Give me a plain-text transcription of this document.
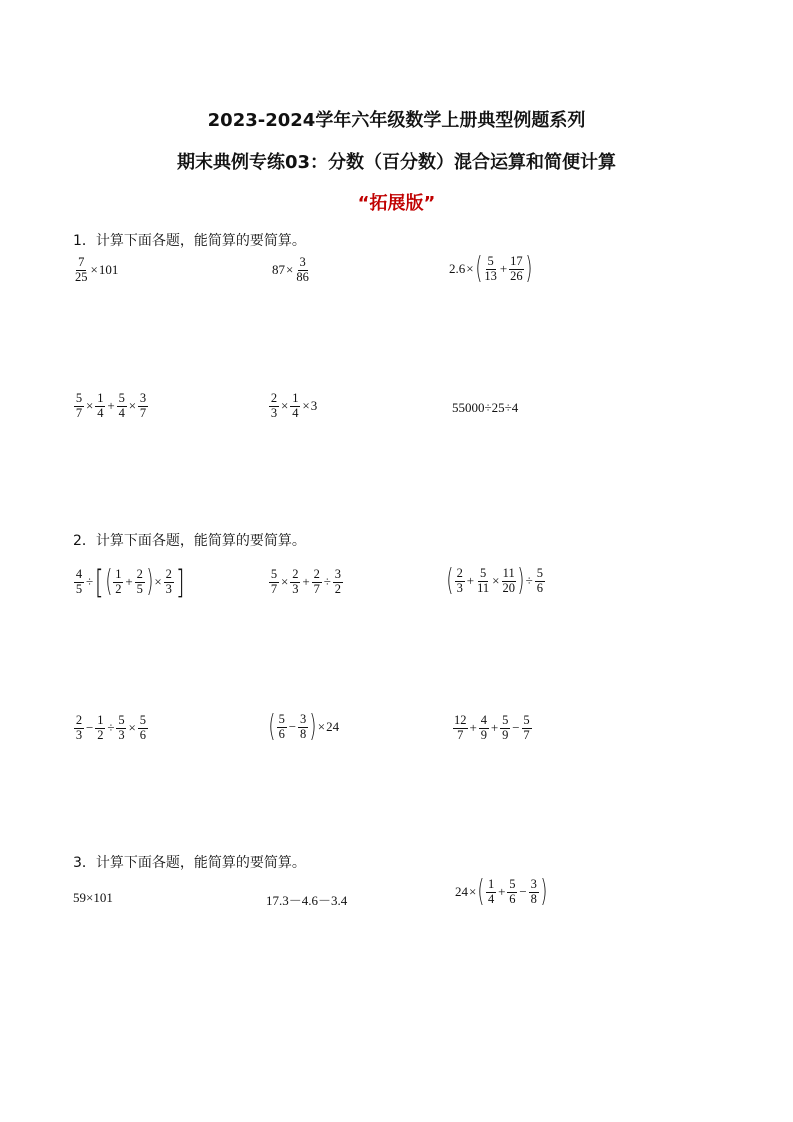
2023-2024学年六年级数学上册典型例题系列
期末典例专练03：分数（百分数）混合运算和简便计算
“拓展版”
1．计算下面各题，能简算的要简算。
$\frac{7}{25} \times 101$	$87 \times \frac{3}{86}$	2.6 × ( 5
$13 + \frac{17}{26}$ )
$\frac{5}{7} \times \frac{1}{4} + \frac{5}{4} \times \frac{3}{7}$	$\frac{2}{3} \times \frac{1}{4} \times 3$	55000÷25÷4
2．计算下面各题，能简算的要简算。
$\frac{4}{5}$ ÷ [ ( 1
$2 + \frac{2}{5}$ ) × $\frac{2}{3}$ ]	$\frac{5}{7} \times \frac{2}{3} + \frac{2}{7} \div \frac{3}{2}$	( 2
$3 + \frac{5}{11} \times \frac{11}{20}$ ) ÷ $\frac{5}{6}$
2
$3 - \frac{1}{2} \div \frac{5}{3} \times \frac{5}{6}$	( 5
$6 - \frac{3}{8}$ ) × 24	12
$7 + \frac{4}{9} + \frac{5}{9} - \frac{5}{7}$
3．计算下面各题，能简算的要简算。
59×101	17.3－4.6－3.4
24 × ( 1
$4 + \frac{5}{6} - \frac{3}{8}$ )
